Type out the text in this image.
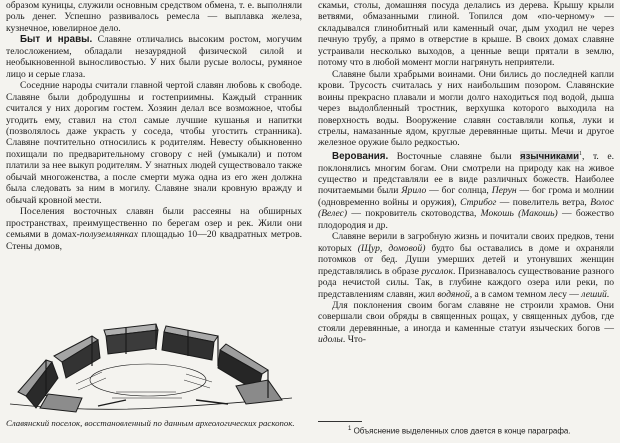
образом куницы, служили основным средством обмена, т. е. выполняли роль денег. Успешно развивалось ремесла — выплавка железа, кузнечное, ювелирное дело.

Быт и нравы. Славяне отличались высоким ростом, могучим телосложением, обладали незаурядной физической силой и необыкновенной выносливостью. У них были русые волосы, румяное лицо и серые глаза.

Соседние народы считали главной чертой славян любовь к свободе. Славяне были добродушны и гостеприимны. Каждый странник считался у них дорогим гостем. Хозяин делал все возможное, чтобы угодить ему, ставил на стол самые лучшие кушанья и напитки (позволялось даже украсть у соседа, чтобы угостить странника). Славяне почтительно относились к родителям. Невесту обыкновенно похищали по предварительному сговору с ней (умыкали) и потом платили за нее выкуп родителям. У знатных людей существовало также обычай многоженства, а после смерти мужа одна из его жен должна была следовать за ним в могилу. Славяне знали кровную вражду и обычай кровной мести.

Поселения восточных славян были рассеяны на обширных пространствах, преимущественно по берегам озер и рек. Жили они семьями в домах-полуземлянках площадью 10—20 квадратных метров. Стены домов,

Славянский поселок, восстановленный по данным археологических раскопок.

скамьи, столы, домашняя посуда делались из дерева. Крышу крыли ветвями, обмазанными глиной. Топился дом «по-черному» — складывался глинобитный или каменный очаг, дым уходил не через печную трубу, а прямо в отверстие в крыше. В своих домах славяне устраивали несколько выходов, а ценные вещи прятали в землю, потому что в любой момент могли нагрянуть неприятели.

Славяне были храбрыми воинами. Они бились до последней капли крови. Трусость считалась у них наибольшим позором. Славянские воины прекрасно плавали и могли долго находиться под водой, дыша через выдолбленный тростник, верхушка которого выходила на поверхность воды. Вооружение славян составляли копья, луки и стрелы, намазанные ядом, круглые деревянные щиты. Мечи и другое железное оружие было редкостью.

Верования. Восточные славяне были язычниками$^1$, т. е. поклонялись многим богам. Они смотрели на природу как на живое существо и представляли ее в виде различных божеств. Наиболее почитаемыми были Ярило — бог солнца, Перун — бог грома и молнии (одновременно войны и оружия), Стрибог — повелитель ветра, Волос (Велес) — покровитель скотоводства, Мокошь (Макошь) — божество плодородия и др.

Славяне верили в загробную жизнь и почитали своих предков, тени которых (Щур, домовой) будто бы оставались в доме и охраняли потомков от бед. Души умерших детей и утонувших женщин представлялись в образе русалок. Признавалось существование разного рода нечистой силы. Так, в глубине каждого озера или реки, по представлениям славян, жил водяной, а в самом темном лесу — леший.

Для поклонения своим богам славяне не строили храмов. Они совершали свои обряды в священных рощах, у священных дубов, где стояли деревянные, а иногда и каменные статуи языческих богов — идолы. Что-

$^1$ Объяснение выделенных слов дается в конце параграфа.
